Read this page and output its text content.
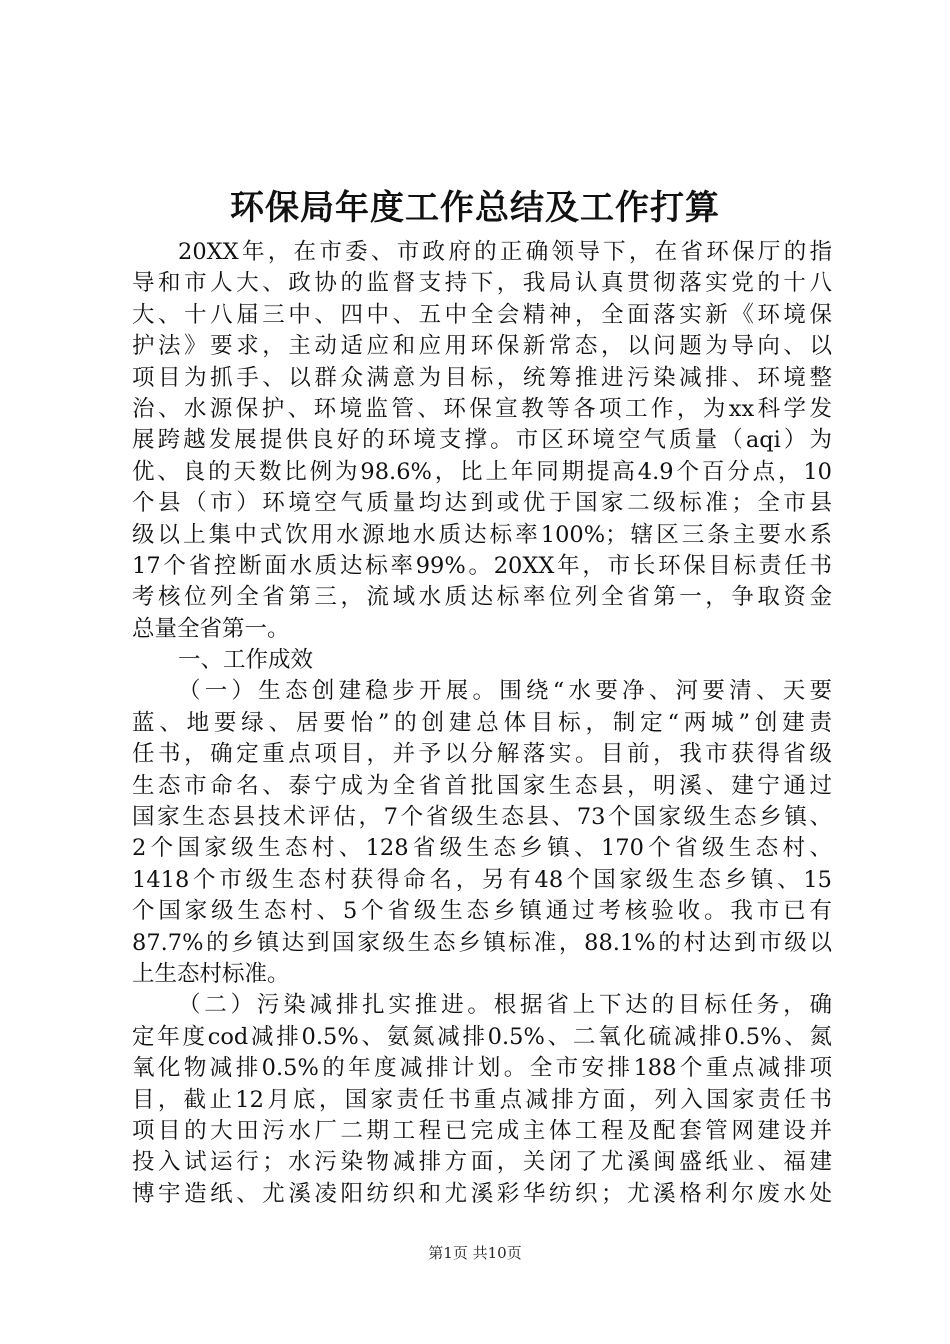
环保局年度工作总结及工作打算
20XX年，在市委、市政府的正确领导下，在省环保厅的指
导和市人大、政协的监督支持下，我局认真贯彻落实党的十八
大、十八届三中、四中、五中全会精神，全面落实新《环境保
护法》要求，主动适应和应用环保新常态，以问题为导向、以
项目为抓手、以群众满意为目标，统筹推进污染减排、环境整
治、水源保护、环境监管、环保宣教等各项工作，为xx科学发
展跨越发展提供良好的环境支撑。市区环境空气质量（aqi）为
优、良的天数比例为98.6%，比上年同期提高4.9个百分点，10
个县（市）环境空气质量均达到或优于国家二级标准；全市县
级以上集中式饮用水源地水质达标率100%；辖区三条主要水系
17个省控断面水质达标率99%。20XX年，市长环保目标责任书
考核位列全省第三，流域水质达标率位列全省第一，争取资金
总量全省第一。
一、工作成效
（一）生态创建稳步开展。围绕“水要净、河要清、天要
蓝、地要绿、居要怡”的创建总体目标，制定“两城”创建责
任书，确定重点项目，并予以分解落实。目前，我市获得省级
生态市命名、泰宁成为全省首批国家生态县，明溪、建宁通过
国家生态县技术评估，7个省级生态县、73个国家级生态乡镇、
2个国家级生态村、128省级生态乡镇、170个省级生态村、
1418个市级生态村获得命名，另有48个国家级生态乡镇、15
个国家级生态村、5个省级生态乡镇通过考核验收。我市已有
87.7%的乡镇达到国家级生态乡镇标准，88.1%的村达到市级以
上生态村标准。
（二）污染减排扎实推进。根据省上下达的目标任务，确
定年度cod减排0.5%、氨氮减排0.5%、二氧化硫减排0.5%、氮
氧化物减排0.5%的年度减排计划。全市安排188个重点减排项
目，截止12月底，国家责任书重点减排方面，列入国家责任书
项目的大田污水厂二期工程已完成主体工程及配套管网建设并
投入试运行；水污染物减排方面，关闭了尤溪闽盛纸业、福建
博宇造纸、尤溪凌阳纺织和尤溪彩华纺织；尤溪格利尔废水处
第1页 共10页
